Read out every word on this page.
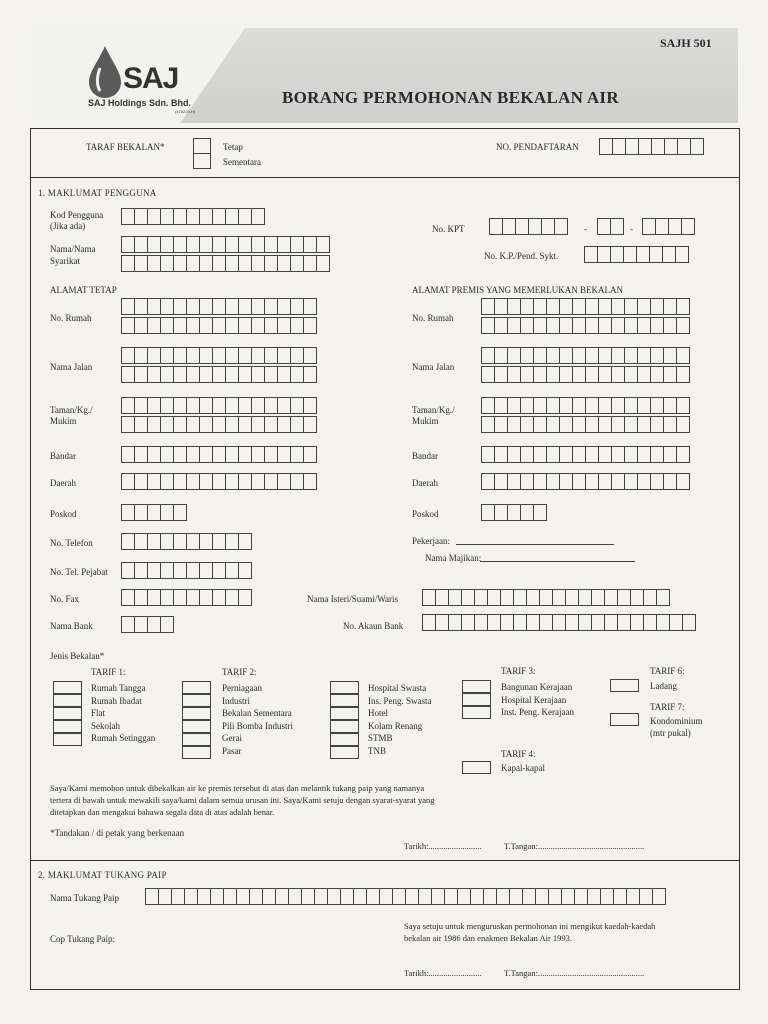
SAJ
SAJ Holdings Sdn. Bhd.
(476219-H)
SAJH 501
BORANG PERMOHONAN BEKALAN AIR
TARAF BEKALAN*	Tetap
Sementara
NO. PENDAFTARAN
1. MAKLUMAT PENGGUNA
Kod Pengguna
(Jika ada)
Nama/Nama
Syarikat
No. KPT	-	-
No. K.P./Pend. Sykt.
ALAMAT TETAP	ALAMAT PREMIS YANG MEMERLUKAN BEKALAN
No. Rumah
Nama Jalan
Taman/Kg./
Mukim
Bandar
Daerah
Poskod
No. Telefon
No. Tel. Pejabat
No. Fax
Nama Bank
No. Rumah
Nama Jalan
Taman/Kg./
Mukim
Bandar
Daerah
Poskod
Pekerjaan:
Nama Majikan:
Nama Isteri/Suami/Waris
No. Akaun Bank
Jenis Bekalan*
TARIF 1:
Rumah Tangga
Rumah Ibadat
Flat
Sekolah
Rumah Setinggan
TARIF 2:
Perniagaan
Industri
Bekalan Sementara
Pili Bomba Industri
Gerai
Pasar
Hospital Swasta
Ins. Peng. Swasta
Hotel
Kolam Renang
STMB
TNB
TARIF 3:
Bangunan Kerajaan
Hospital Kerajaan
Inst. Peng. Kerajaan
TARIF 4:
Kapal-kapal
TARIF 6:
Ladang
TARIF 7:
Kondominium
(mtr pukal)
Saya/Kami memohon untuk dibekalkan air ke premis tersebut di atas dan melantik tukang paip yang namanya
tertera di bawah untuk mewakili saya/kami dalam semua urusan ini. Saya/Kami setuju dengan syarat-syarat yang
ditetapkan dan mengakui bahawa segala data di atas adalah benar.
*Tandakan / di petak yang berkenaan
Tarikh:.........................	T.Tangan:..................................................
2. MAKLUMAT TUKANG PAIP
Nama Tukang Paip
Cop Tukang Paip:
Saya setuju untuk menguruskan permohonan ini mengikut kaedah-kaedah
bekalan air 1986 dan enakmen Bekalan Air 1993.
Tarikh:.........................	T.Tangan:..................................................
